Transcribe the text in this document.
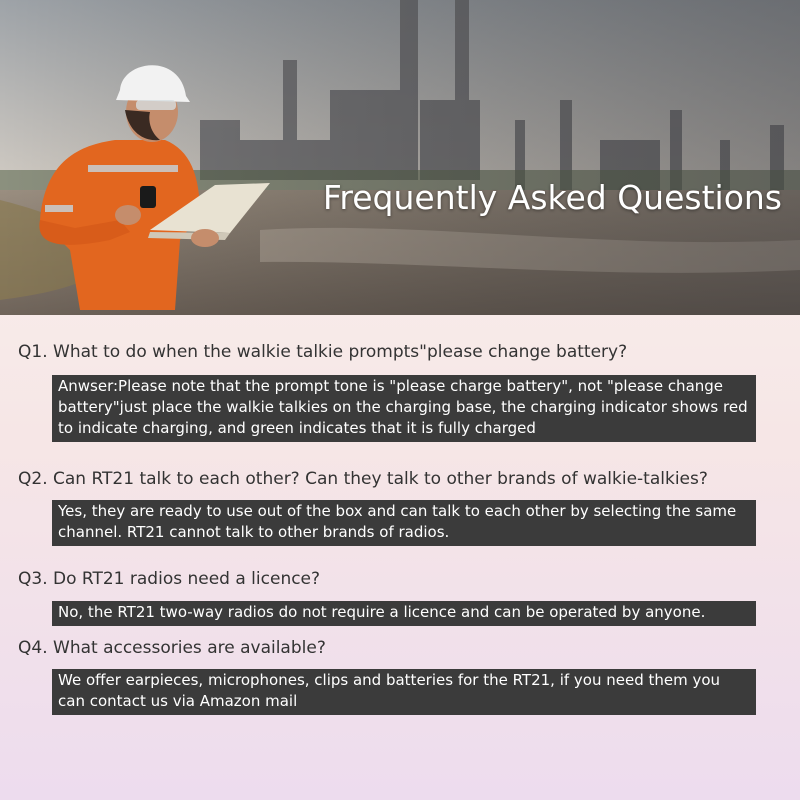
Frequently Asked Questions
Q1. What to do when the walkie talkie prompts"please change battery?

Anwser:Please note that the prompt tone is "please charge battery", not "please change battery"just place the walkie talkies on the charging base, the charging indicator shows red to indicate charging, and green indicates that it is fully charged

Q2. Can RT21 talk to each other? Can they talk to other brands of walkie-talkies?

Yes, they are ready to use out of the box and can talk to each other by selecting the same channel. RT21 cannot talk to other brands of radios.

Q3. Do RT21 radios need a licence?

No, the RT21 two-way radios do not require a licence and can be operated by anyone.

Q4. What accessories are available?

We offer earpieces, microphones, clips and batteries for the RT21, if you need them you can contact us via Amazon mail
